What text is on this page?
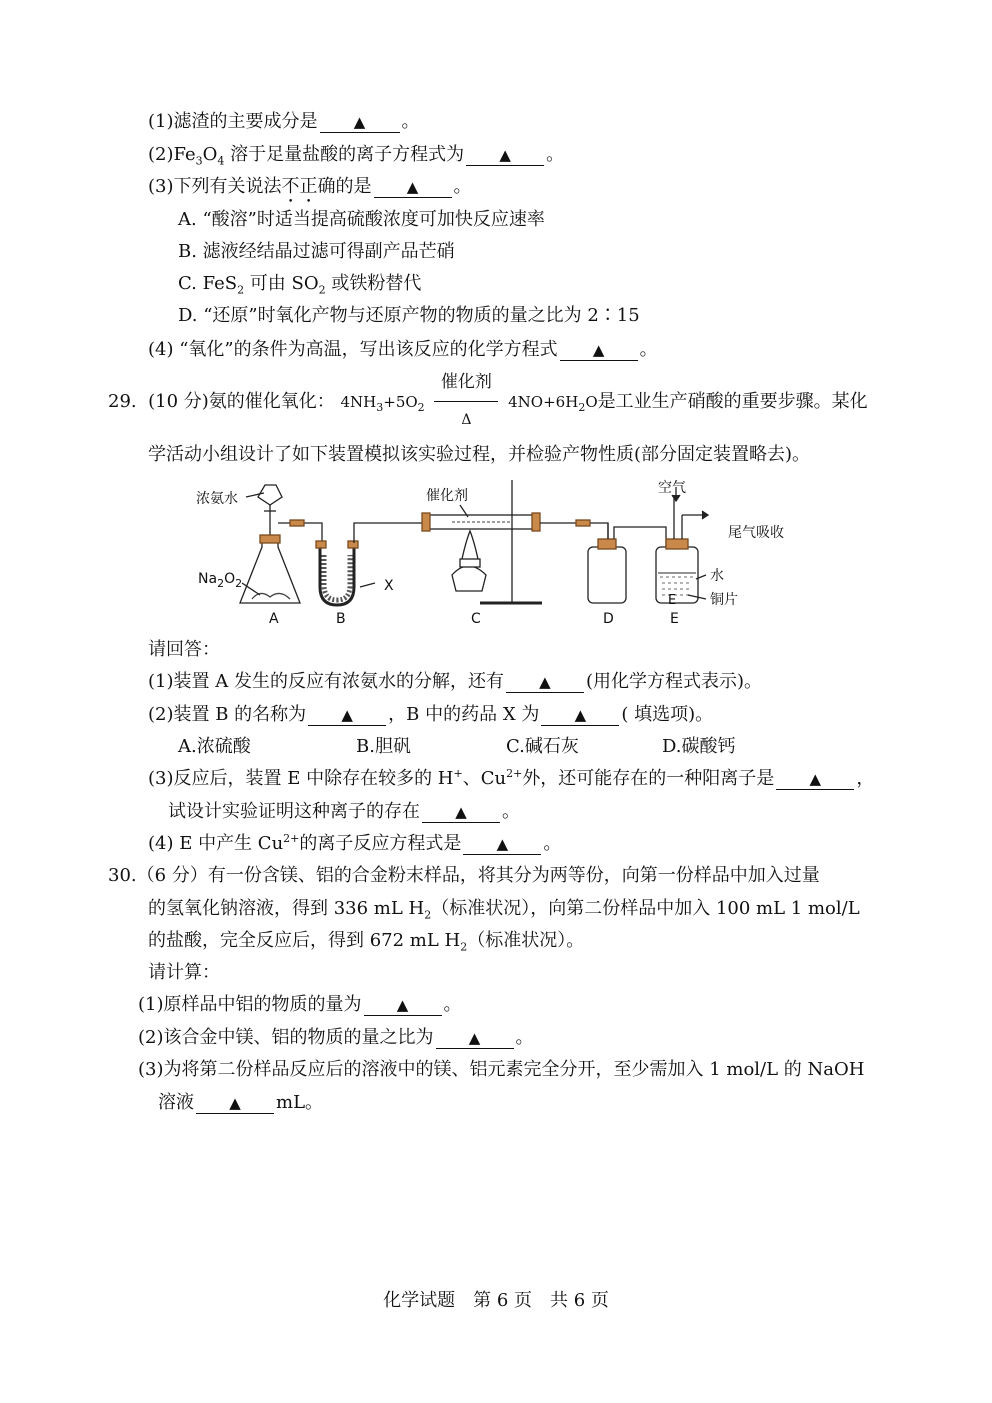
(1)滤渣的主要成分是 ▲ 。
$(2)Fe_3O_4$ 溶于足量盐酸的离子方程式为 ▲ 。
(3)下列有关说法不正确的是 ▲ 。
A. “酸溶”时适当提高硫酸浓度可加快反应速率
B. 滤液经结晶过滤可得副产品芒硝
C. FeS$_2$ 可由 $SO_2$ 或铁粉替代
D. “还原”时氧化产物与还原产物的物质的量之比为 2∶15
(4) “氧化”的条件为高温，写出该反应的化学方程式 ▲ 。
29. (10 分)氨的催化氧化： $4NH_3+5O_2 \frac{\text{催化剂}}{\Delta} 4NO+6H_2O$是工业生产硝酸的重要步骤。某化
学活动小组设计了如下装置模拟该实验过程，并检验产物性质(部分固定装置略去)。
浓氨水	催化剂	空气
尾气吸收
$Na_2O_2$	X
水
铜片
E
A	B	C	D	E
请回答：
(1)装置 A 发生的反应有浓氨水的分解，还有 ▲ (用化学方程式表示)。
(2)装置 B 的名称为 ▲ ，B 中的药品 X 为 ▲ ( 填选项)。
A.浓硫酸	B.胆矾	C.碱石灰	D.碳酸钙
(3)反应后，装置 E 中除存在较多的 H+、$Cu^{2+}$外，还可能存在的一种阳离子是 ▲ ，
试设计实验证明这种离子的存在 ▲ 。
(4) E 中产生 $Cu^{2+}$的离子反应方程式是 ▲ 。
30.（6 分）有一份含镁、铝的合金粉末样品，将其分为两等份，向第一份样品中加入过量
的氢氧化钠溶液，得到 336 mL $H_2$（标准状况），向第二份样品中加入 100 mL 1 mol/L
的盐酸，完全反应后，得到 672 mL $H_2$（标准状况）。
请计算：
(1)原样品中铝的物质的量为 ▲ 。
(2)该合金中镁、铝的物质的量之比为 ▲ 。
(3)为将第二份样品反应后的溶液中的镁、铝元素完全分开，至少需加入 1 mol/L 的 NaOH
溶液 ▲ mL。
化学试题　第 6 页　共 6 页
